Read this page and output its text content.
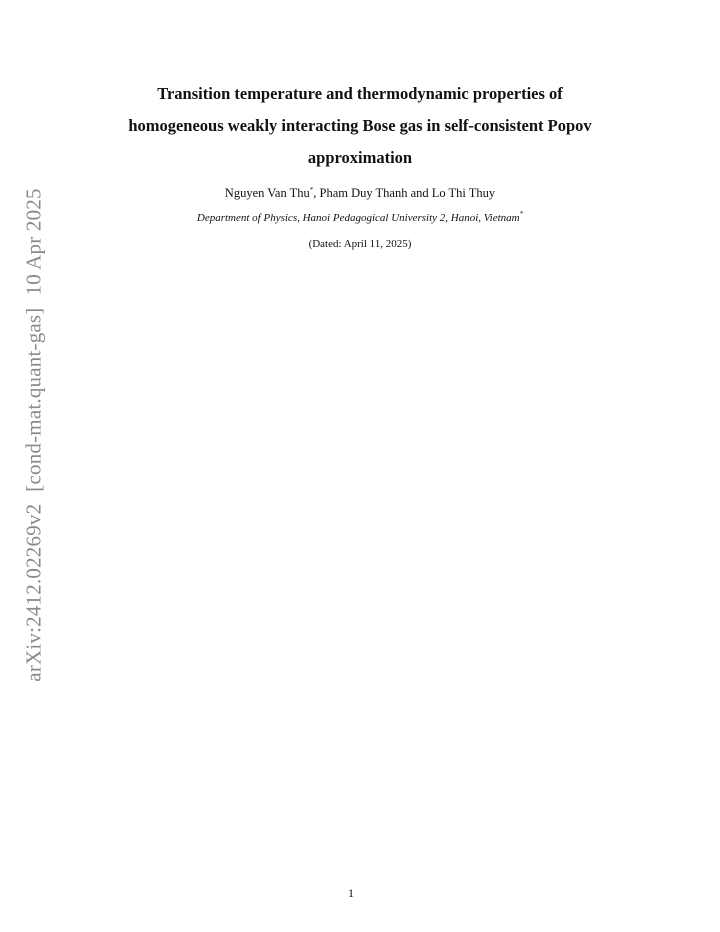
arXiv:2412.02269v2[cond-mat.quant-gas]10 Apr 2025
Transition temperature and thermodynamic properties of
homogeneous weakly interacting Bose gas in self-consistent Popov
approximation
Nguyen Van Thu*, Pham Duy Thanh and Lo Thi Thuy
Department of Physics, Hanoi Pedagogical University 2, Hanoi, Vietnam*
(Dated: April 11, 2025)
1
